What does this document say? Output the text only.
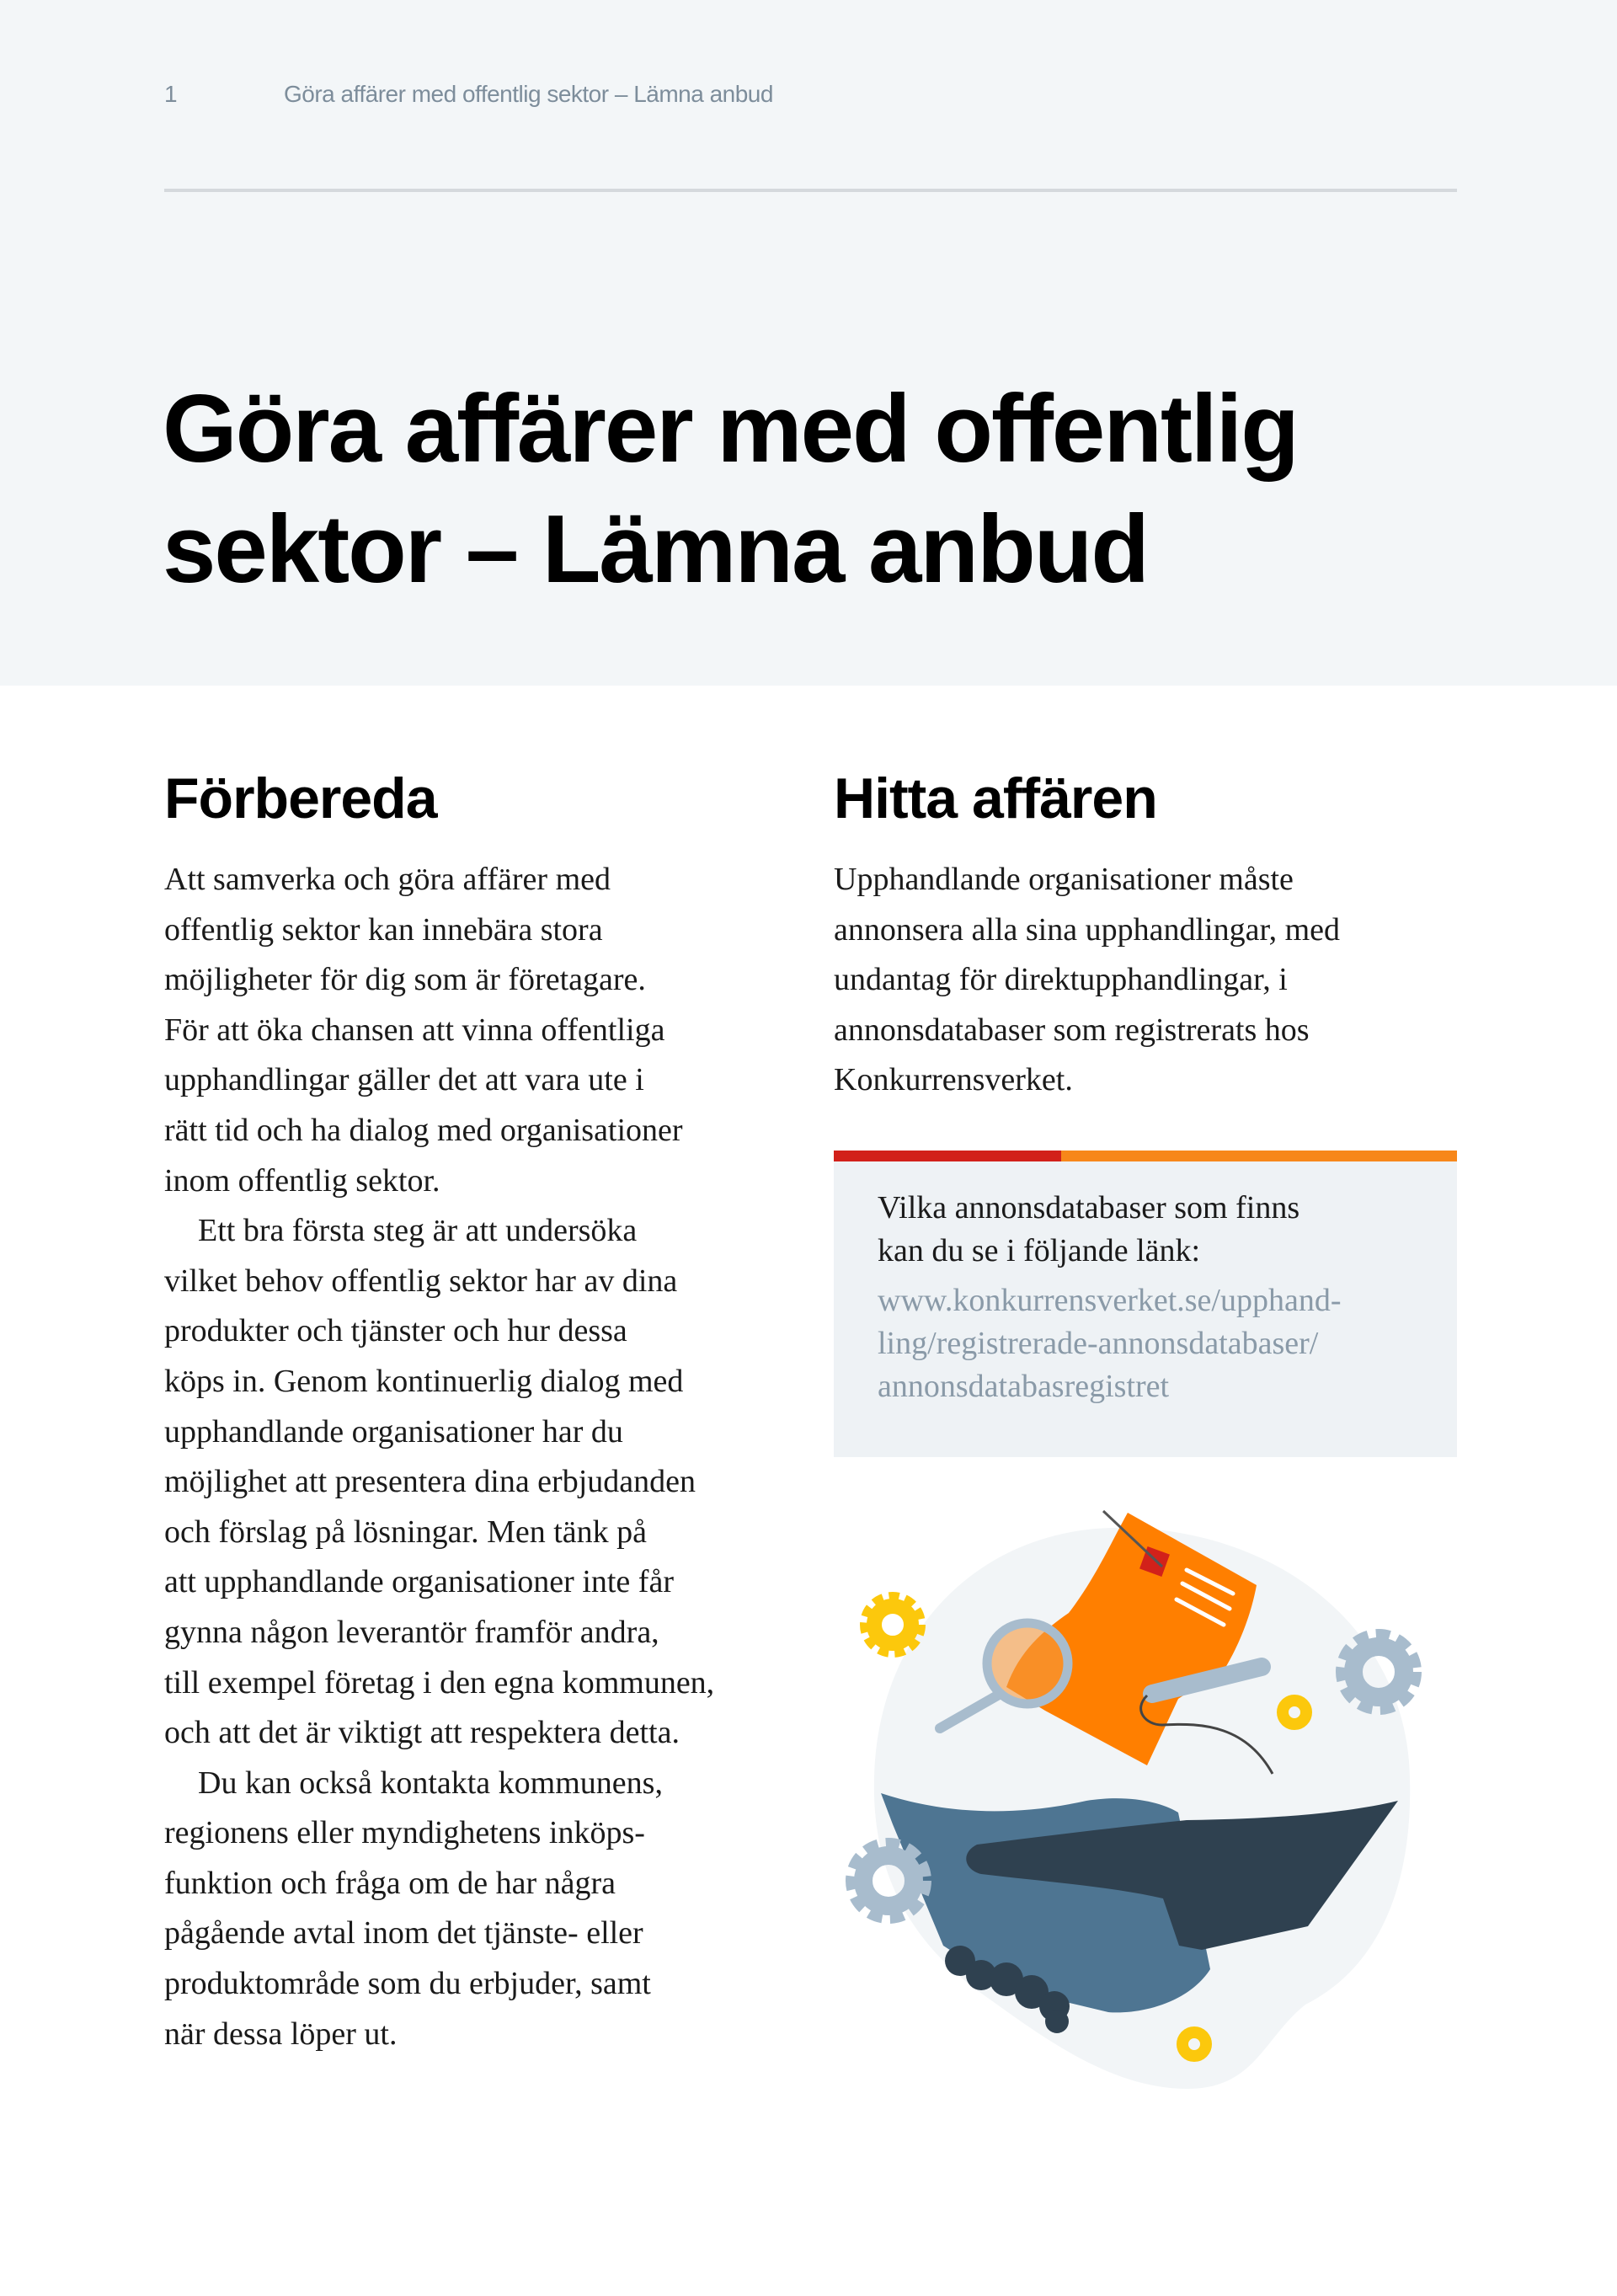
1	Göra affärer med offentlig sektor – Lämna anbud
Göra affärer med offentlig
sektor – Lämna anbud
Förbereda
Att samverka och göra affärer med
offentlig sektor kan innebära stora
möjligheter för dig som är företagare.
För att öka chansen att vinna offentliga
upphandlingar gäller det att vara ute i
rätt tid och ha dialog med organisationer
inom offentlig sektor.
Ett bra första steg är att undersöka
vilket behov offentlig sektor har av dina
produkter och tjänster och hur dessa
köps in. Genom kontinuerlig dialog med
upphandlande organisationer har du
möjlighet att presentera dina erbjudanden
och förslag på lösningar. Men tänk på
att upphandlande organisationer inte får
gynna någon leverantör framför andra,
till exempel företag i den egna kommunen,
och att det är viktigt att respektera detta.
Du kan också kontakta kommunens,
regionens eller myndighetens inköps-
funktion och fråga om de har några
pågående avtal inom det tjänste- eller
produktområde som du erbjuder, samt
när dessa löper ut.
Hitta affären
Upphandlande organisationer måste
annonsera alla sina upphandlingar, med
undantag för direktupphandlingar, i
annonsdatabaser som registrerats hos
Konkurrensverket.
Vilka annonsdatabaser som finns
kan du se i följande länk:
www.konkurrensverket.se/upphand-
ling/registrerade-annonsdatabaser/
annonsdatabasregistret
